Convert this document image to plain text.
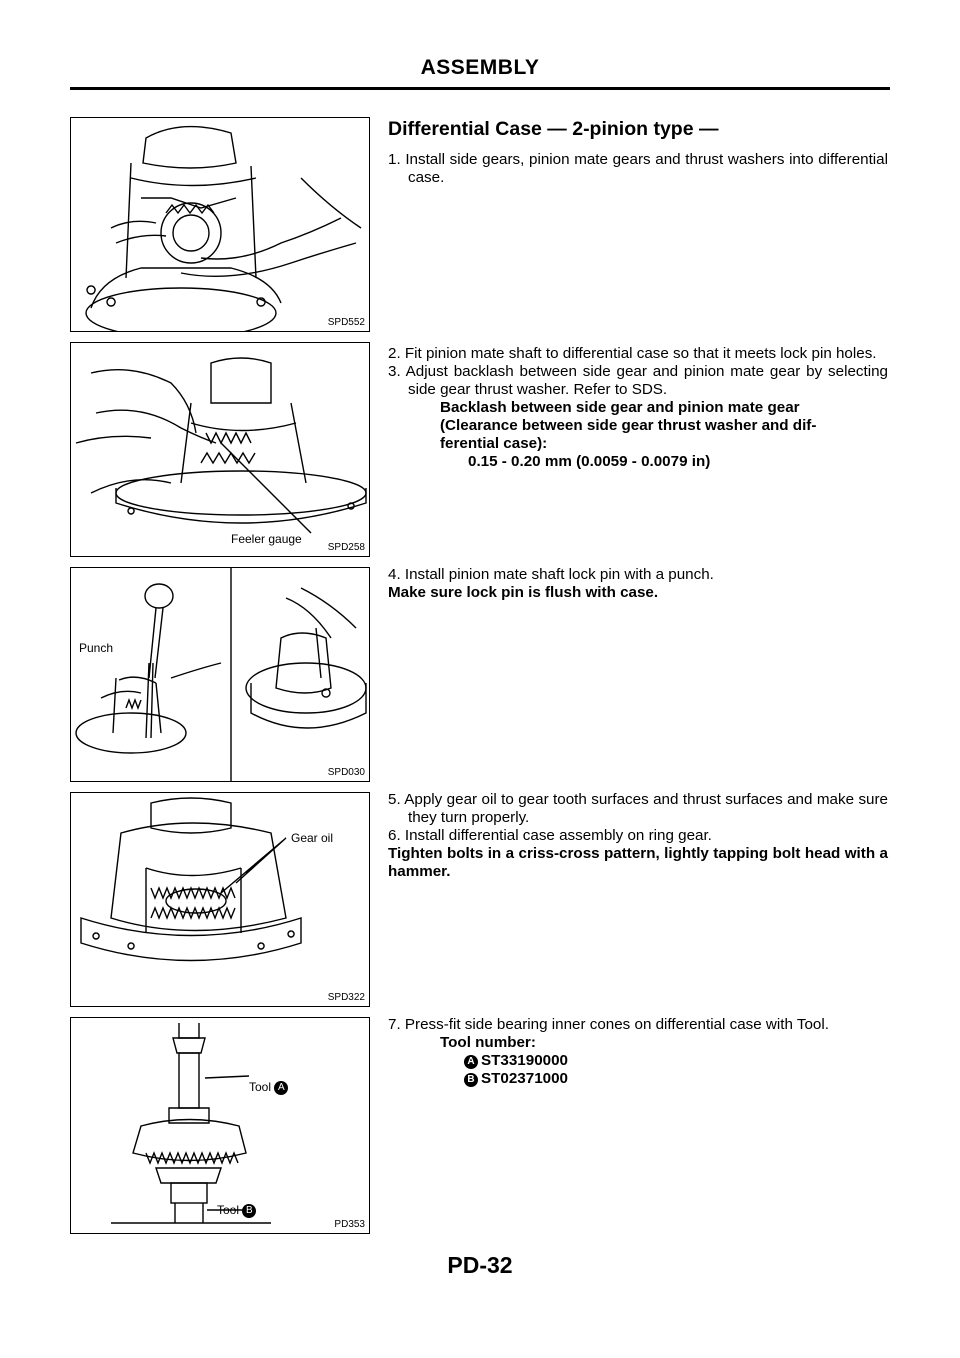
ASSEMBLY
SPD552
Feeler gauge
SPD258
Punch
SPD030
Gear oil
SPD322
Tool A
Tool B
PD353
Differential Case — 2-pinion type —
1. Install side gears, pinion mate gears and thrust washers into differential case.
2. Fit pinion mate shaft to differential case so that it meets lock pin holes.
3. Adjust backlash between side gear and pinion mate gear by selecting side gear thrust washer. Refer to SDS.
Backlash between side gear and pinion mate gear
(Clearance between side gear thrust washer and dif-
ferential case):
0.15 - 0.20 mm (0.0059 - 0.0079 in)
4. Install pinion mate shaft lock pin with a punch.
Make sure lock pin is flush with case.
5. Apply gear oil to gear tooth surfaces and thrust surfaces and make sure they turn properly.
6. Install differential case assembly on ring gear.
Tighten bolts in a criss-cross pattern, lightly tapping bolt head with a hammer.
7. Press-fit side bearing inner cones on differential case with Tool.
Tool number:
A ST33190000
B ST02371000
PD-32
